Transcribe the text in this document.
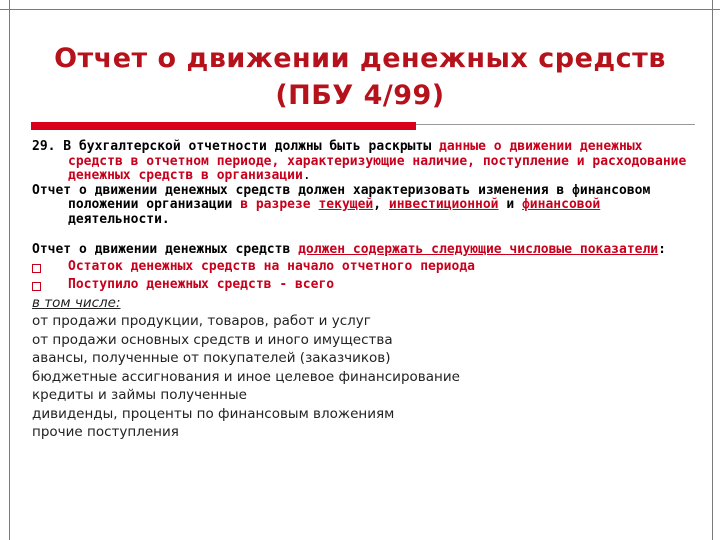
Отчет о движении денежных средств
(ПБУ 4/99)
29. В бухгалтерской отчетности должны быть раскрыты данные о движении денежных средств в отчетном периоде, характеризующие наличие, поступление и расходование денежных средств в организации.
Отчет о движении денежных средств должен характеризовать изменения в финансовом положении организации в разрезе текущей, инвестиционной и финансовой деятельности.
Отчет о движении денежных средств должен содержать следующие числовые показатели:
Остаток денежных средств на начало отчетного периода
Поступило денежных средств - всего
в том числе:
от продажи продукции, товаров, работ и услуг
от продажи основных средств и иного имущества
авансы, полученные от покупателей (заказчиков)
бюджетные ассигнования и иное целевое финансирование
кредиты и займы полученные
дивиденды, проценты по финансовым вложениям
прочие поступления
